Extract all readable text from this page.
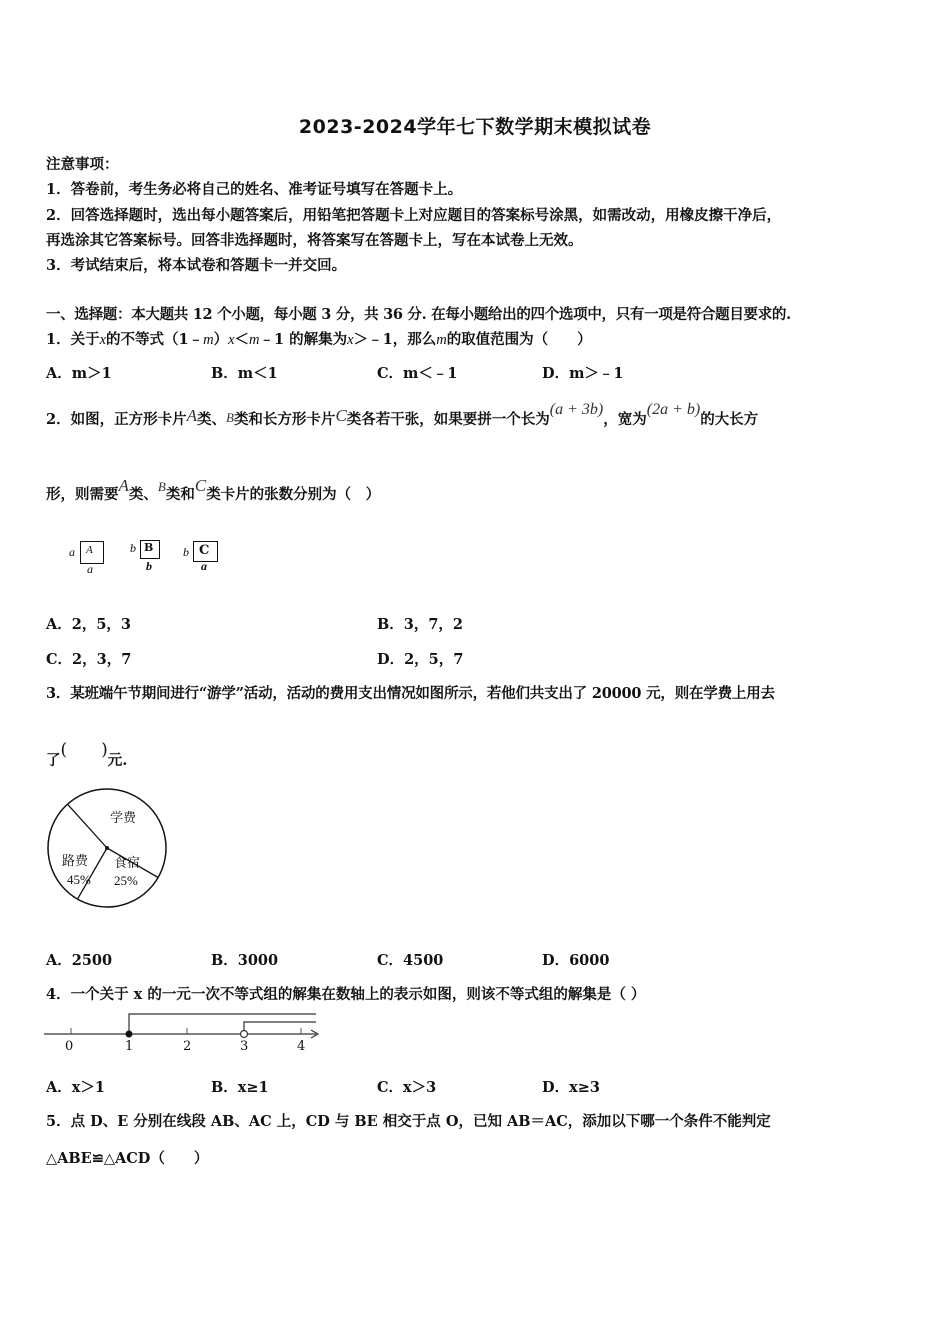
2023-2024学年七下数学期末模拟试卷
注意事项：
1．答卷前，考生务必将自己的姓名、准考证号填写在答题卡上。
2．回答选择题时，选出每小题答案后，用铅笔把答题卡上对应题目的答案标号涂黑，如需改动，用橡皮擦干净后，
再选涂其它答案标号。回答非选择题时，将答案写在答题卡上，写在本试卷上无效。
3．考试结束后，将本试卷和答题卡一并交回。
一、选择题：本大题共 12 个小题，每小题 3 分，共 36 分. 在每小题给出的四个选项中，只有一项是符合题目要求的.
1．关于x的不等式（1﹣m）x＜m﹣1 的解集为x＞﹣1，那么m的取值范围为（　　）
A．m＞1	B．m＜1	C．m＜﹣1	D．m＞﹣1
2．如图，正方形卡片A类、B类和长方形卡片C类各若干张，如果要拼一个长为(a + 3b)，宽为(2a + b)的大长方
形，则需要A类、B类和C类卡片的张数分别为（　）
a A
a
b B
b
b C
a
A．2，5，3	B．3，7，2
C．2，3，7	D．2，5，7
3．某班端午节期间进行“游学”活动，活动的费用支出情况如图所示，若他们共支出了 20000 元，则在学费上用去
了(　　)元.
学费
路费
45%
食宿
25%
A．2500	B．3000	C．4500	D．6000
4．一个关于 x 的一元一次不等式组的解集在数轴上的表示如图，则该不等式组的解集是（ ）
0	1	2	3	4
A．x＞1	B．x≥1	C．x＞3	D．x≥3
5．点 D、E 分别在线段 AB、AC 上，CD 与 BE 相交于点 O，已知 AB＝AC，添加以下哪一个条件不能判定
△ABE≌△ACD（　　）
